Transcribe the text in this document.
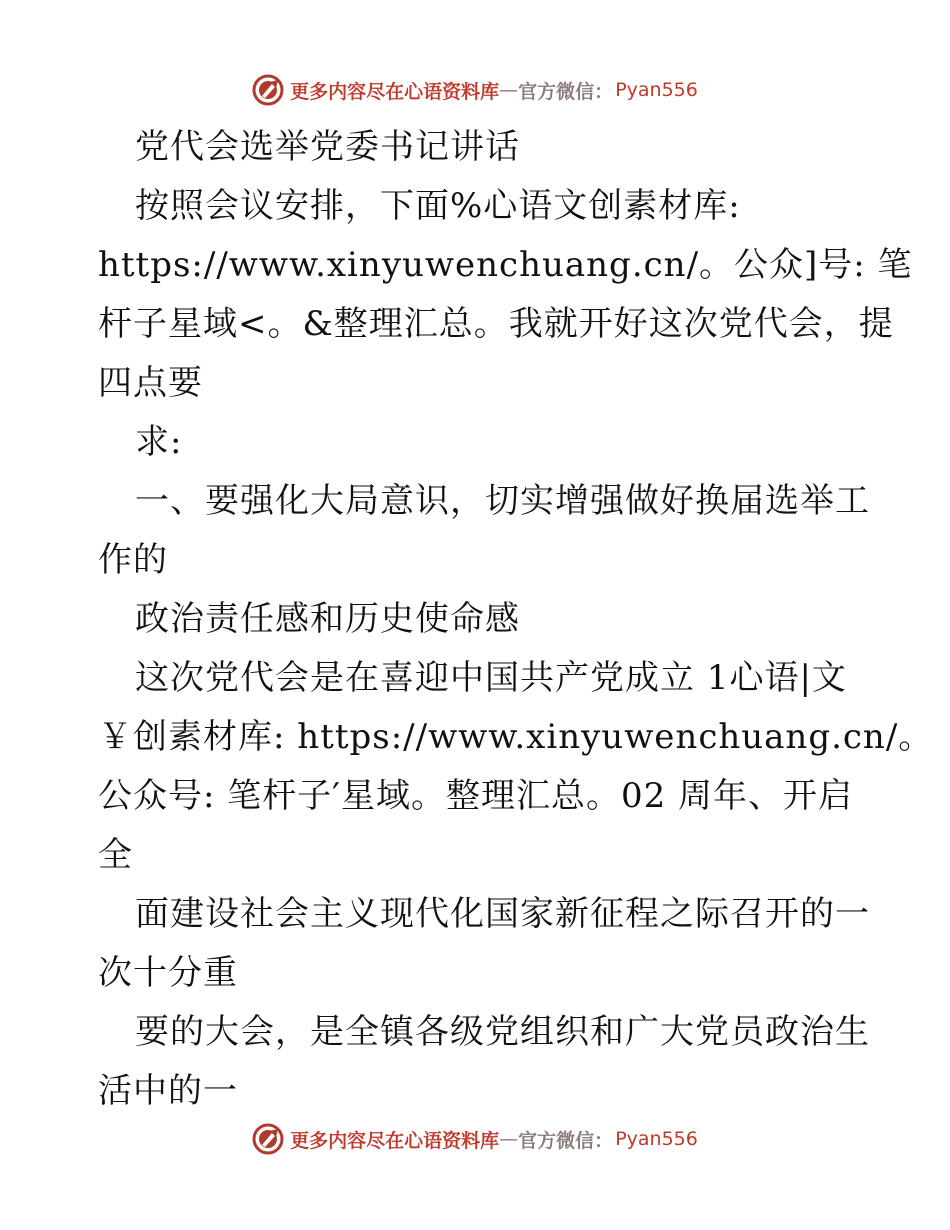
更多内容尽在心语资料库 — 官方微信： Pyan556
党代会选举党委书记讲话
按照会议安排，下面%心语文创素材库:
https://www.xinyuwenchuang.cn/。公众]号: 笔
杆子星域<。&整理汇总。我就开好这次党代会，提
四点要
求:
一、要强化大局意识，切实增强做好换届选举工
作的
政治责任感和历史使命感
这次党代会是在喜迎中国共产党成立 1心语|文
￥创素材库: https://www.xinyuwenchuang.cn/。
公众号: 笔杆子′星域。整理汇总。02 周年、开启
全
面建设社会主义现代化国家新征程之际召开的一
次十分重
要的大会，是全镇各级党组织和广大党员政治生
活中的一
更多内容尽在心语资料库 — 官方微信： Pyan556
